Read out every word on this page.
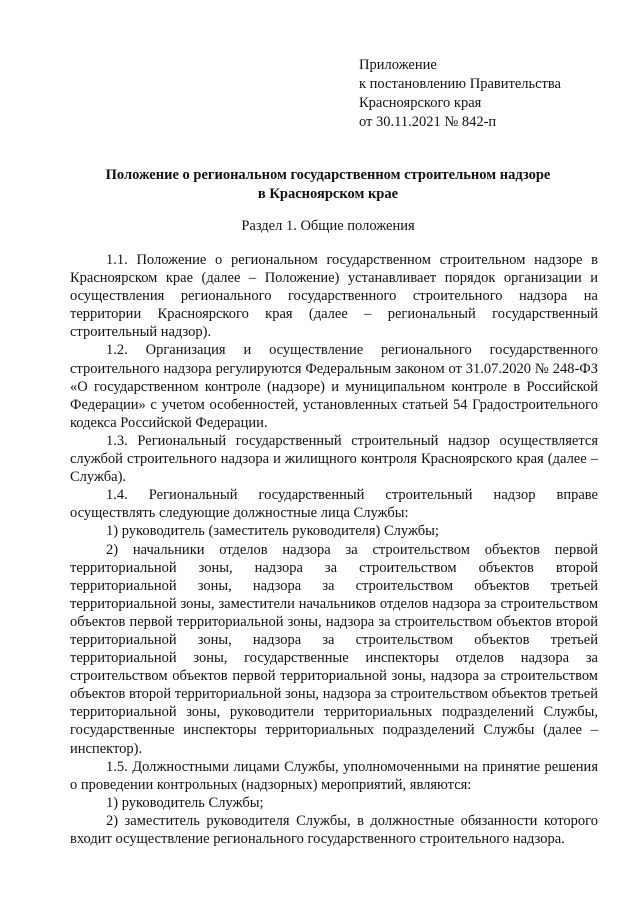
Приложение
к постановлению Правительства
Красноярского края
от 30.11.2021 № 842-п
Положение о региональном государственном строительном надзоре
в Красноярском крае
Раздел 1. Общие положения

1.1. Положение о региональном государственном строительном надзоре в Красноярском крае (далее – Положение) устанавливает порядок организации и осуществления регионального государственного строительного надзора на территории Красноярского края (далее – региональный государственный строительный надзор).

1.2. Организация и осуществление регионального государственного строительного надзора регулируются Федеральным законом от 31.07.2020 № 248-ФЗ «О государственном контроле (надзоре) и муниципальном контроле в Российской Федерации» с учетом особенностей, установленных статьей 54 Градостроительного кодекса Российской Федерации.

1.3. Региональный государственный строительный надзор осуществляется службой строительного надзора и жилищного контроля Красноярского края (далее – Служба).

1.4. Региональный государственный строительный надзор вправе осуществлять следующие должностные лица Службы:

1) руководитель (заместитель руководителя) Службы;

2) начальники отделов надзора за строительством объектов первой территориальной зоны, надзора за строительством объектов второй территориальной зоны, надзора за строительством объектов третьей территориальной зоны, заместители начальников отделов надзора за строительством объектов первой территориальной зоны, надзора за строительством объектов второй территориальной зоны, надзора за строительством объектов третьей территориальной зоны, государственные инспекторы отделов надзора за строительством объектов первой территориальной зоны, надзора за строительством объектов второй территориальной зоны, надзора за строительством объектов третьей территориальной зоны, руководители территориальных подразделений Службы, государственные инспекторы территориальных подразделений Службы (далее – инспектор).

1.5. Должностными лицами Службы, уполномоченными на принятие решения о проведении контрольных (надзорных) мероприятий, являются:

1) руководитель Службы;

2) заместитель руководителя Службы, в должностные обязанности которого входит осуществление регионального государственного строительного надзора.
